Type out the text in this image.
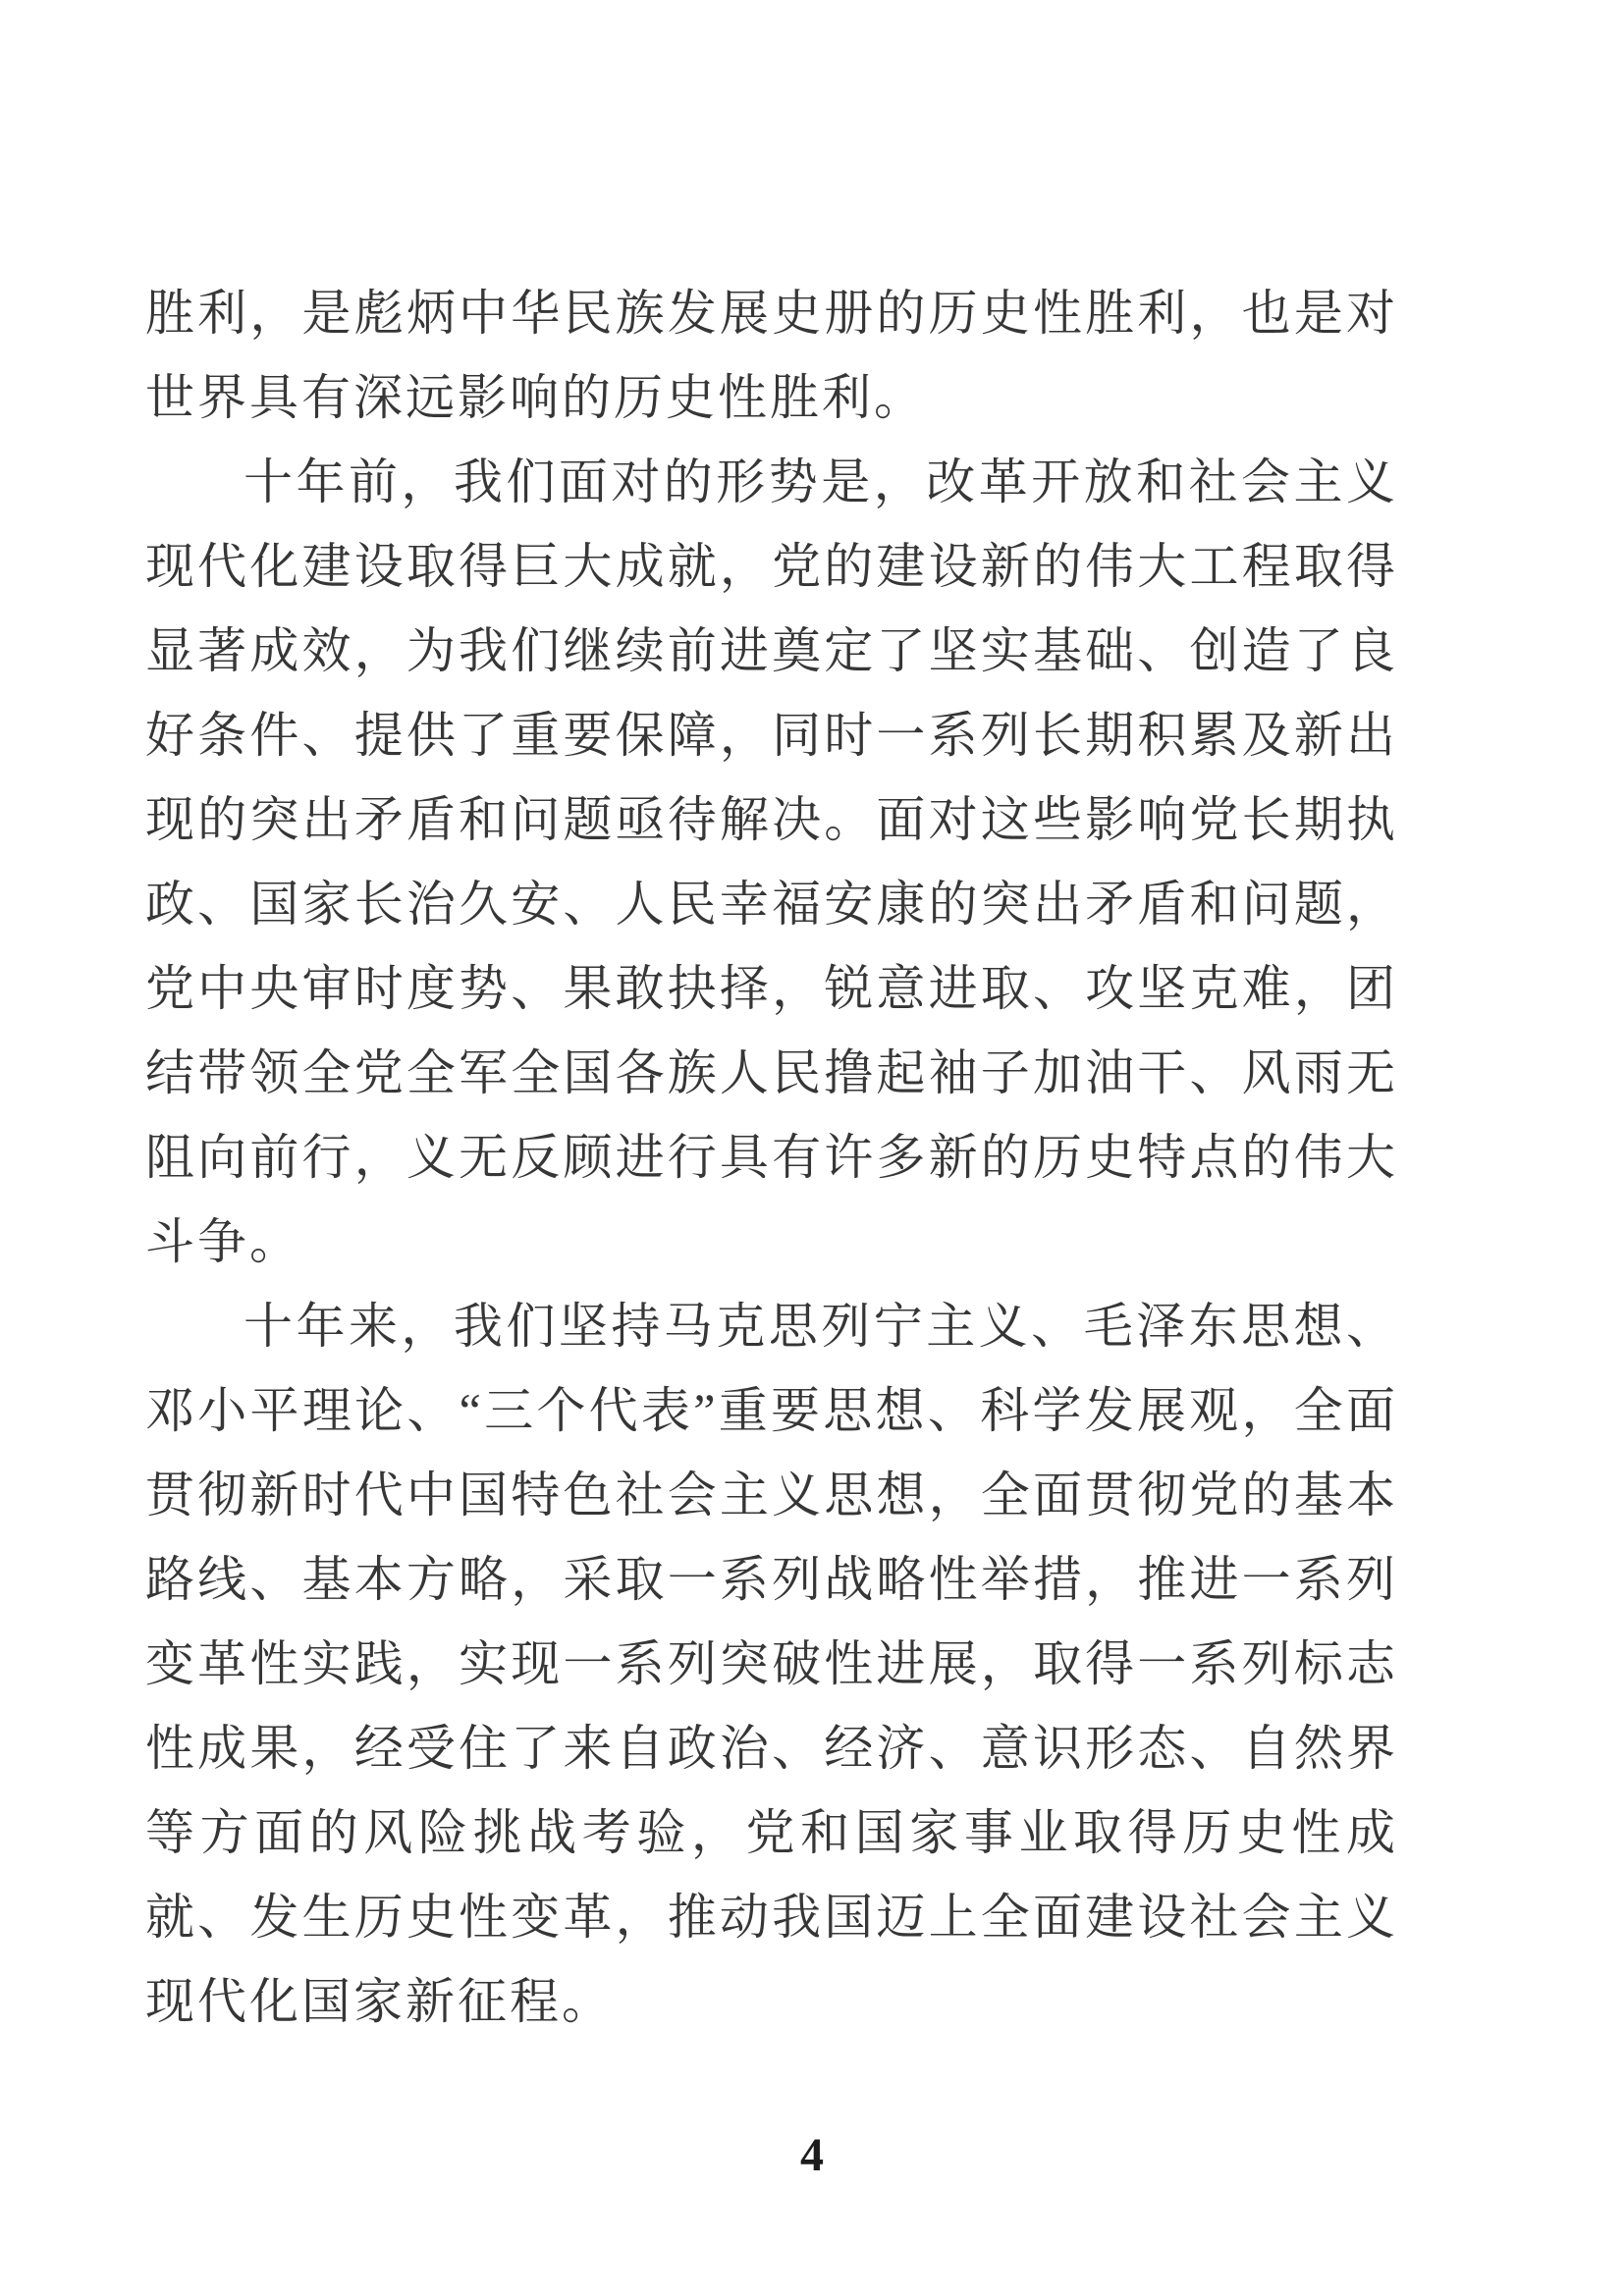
胜利，是彪炳中华民族发展史册的历史性胜利，也是对世界具有深远影响的历史性胜利。

十年前，我们面对的形势是，改革开放和社会主义现代化建设取得巨大成就，党的建设新的伟大工程取得显著成效，为我们继续前进奠定了坚实基础、创造了良好条件、提供了重要保障，同时一系列长期积累及新出现的突出矛盾和问题亟待解决。面对这些影响党长期执政、国家长治久安、人民幸福安康的突出矛盾和问题，党中央审时度势、果敢抉择，锐意进取、攻坚克难，团结带领全党全军全国各族人民撸起袖子加油干、风雨无阻向前行，义无反顾进行具有许多新的历史特点的伟大斗争。

十年来，我们坚持马克思列宁主义、毛泽东思想、邓小平理论、“三个代表”重要思想、科学发展观，全面贯彻新时代中国特色社会主义思想，全面贯彻党的基本路线、基本方略，采取一系列战略性举措，推进一系列变革性实践，实现一系列突破性进展，取得一系列标志性成果，经受住了来自政治、经济、意识形态、自然界等方面的风险挑战考验，党和国家事业取得历史性成就、发生历史性变革，推动我国迈上全面建设社会主义现代化国家新征程。

4
